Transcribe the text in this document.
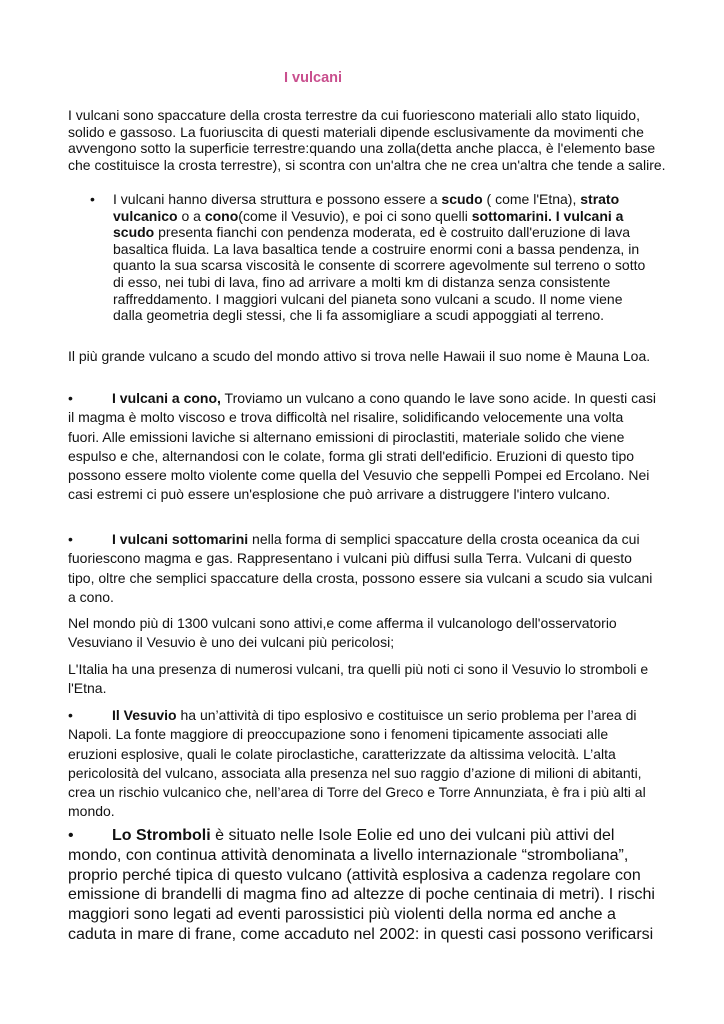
I vulcani

I vulcani sono spaccature della crosta terrestre da cui fuoriescono materiali allo stato liquido, solido e gassoso. La fuoriuscita di questi materiali dipende esclusivamente da movimenti che avvengono sotto la superficie terrestre:quando una zolla(detta anche placca, è l'elemento base che costituisce la crosta terrestre), si scontra con un'altra che ne crea un'altra che tende a salire.

• I vulcani hanno diversa struttura e possono essere a scudo ( come l'Etna), strato vulcanico o a cono(come il Vesuvio), e poi ci sono quelli sottomarini. I vulcani a scudo presenta fianchi con pendenza moderata, ed è costruito dall'eruzione di lava basaltica fluida. La lava basaltica tende a costruire enormi coni a bassa pendenza, in quanto la sua scarsa viscosità le consente di scorrere agevolmente sul terreno o sotto di esso, nei tubi di lava, fino ad arrivare a molti km di distanza senza consistente raffreddamento. I maggiori vulcani del pianeta sono vulcani a scudo. Il nome viene dalla geometria degli stessi, che li fa assomigliare a scudi appoggiati al terreno.

Il più grande vulcano a scudo del mondo attivo si trova nelle Hawaii il suo nome è Mauna Loa.

•	I vulcani a cono, Troviamo un vulcano a cono quando le lave sono acide. In questi casi il magma è molto viscoso e trova difficoltà nel risalire, solidificando velocemente una volta fuori. Alle emissioni laviche si alternano emissioni di piroclastiti, materiale solido che viene espulso e che, alternandosi con le colate, forma gli strati dell'edificio. Eruzioni di questo tipo possono essere molto violente come quella del Vesuvio che seppellì Pompei ed Ercolano. Nei casi estremi ci può essere un'esplosione che può arrivare a distruggere l'intero vulcano.

•	I vulcani sottomarini nella forma di semplici spaccature della crosta oceanica da cui fuoriescono magma e gas. Rappresentano i vulcani più diffusi sulla Terra. Vulcani di questo tipo, oltre che semplici spaccature della crosta, possono essere sia vulcani a scudo sia vulcani a cono.

Nel mondo più di 1300 vulcani sono attivi,e come afferma il vulcanologo dell'osservatorio Vesuviano il Vesuvio è uno dei vulcani più pericolosi;

L'Italia ha una presenza di numerosi vulcani, tra quelli più noti ci sono il Vesuvio lo stromboli e l'Etna.

•	Il Vesuvio ha un’attività di tipo esplosivo e costituisce un serio problema per l’area di Napoli. La fonte maggiore di preoccupazione sono i fenomeni tipicamente associati alle eruzioni esplosive, quali le colate piroclastiche, caratterizzate da altissima velocità. L’alta pericolosità del vulcano, associata alla presenza nel suo raggio d’azione di milioni di abitanti, crea un rischio vulcanico che, nell’area di Torre del Greco e Torre Annunziata, è fra i più alti al mondo.

• Lo Stromboli è situato nelle Isole Eolie ed uno dei vulcani più attivi del mondo, con continua attività denominata a livello internazionale “stromboliana”, proprio perché tipica di questo vulcano (attività esplosiva a cadenza regolare con emissione di brandelli di magma fino ad altezze di poche centinaia di metri). I rischi maggiori sono legati ad eventi parossistici più violenti della norma ed anche a caduta in mare di frane, come accaduto nel 2002: in questi casi possono verificarsi
